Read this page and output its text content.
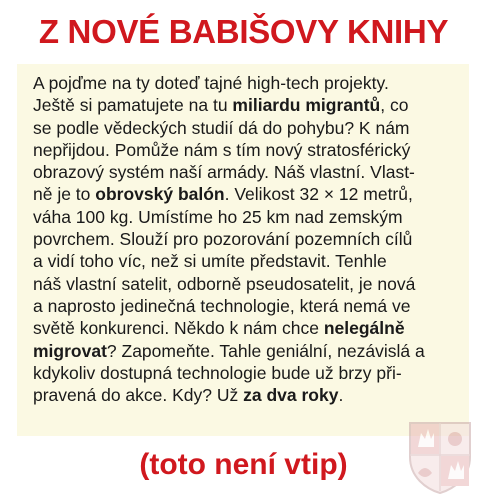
Z NOVÉ BABIŠOVY KNIHY

A pojďme na ty doteď tajné high-tech projekty.
Ještě si pamatujete na tu miliardu migrantů, co
se podle vědeckých studií dá do pohybu? K nám
nepřijdou. Pomůže nám s tím nový stratosférický
obrazový systém naší armády. Náš vlastní. Vlast-
ně je to obrovský balón. Velikost 32 × 12 metrů,
váha 100 kg. Umístíme ho 25 km nad zemským
povrchem. Slouží pro pozorování pozemních cílů
a vidí toho víc, než si umíte představit. Tenhle
náš vlastní satelit, odborně pseudosatelit, je nová
a naprosto jedinečná technologie, která nemá ve
světě konkurenci. Někdo k nám chce nelegálně
migrovat? Zapomeňte. Tahle geniální, nezávislá a
kdykoliv dostupná technologie bude už brzy při-
pravená do akce. Kdy? Už za dva roky.

(toto není vtip)
